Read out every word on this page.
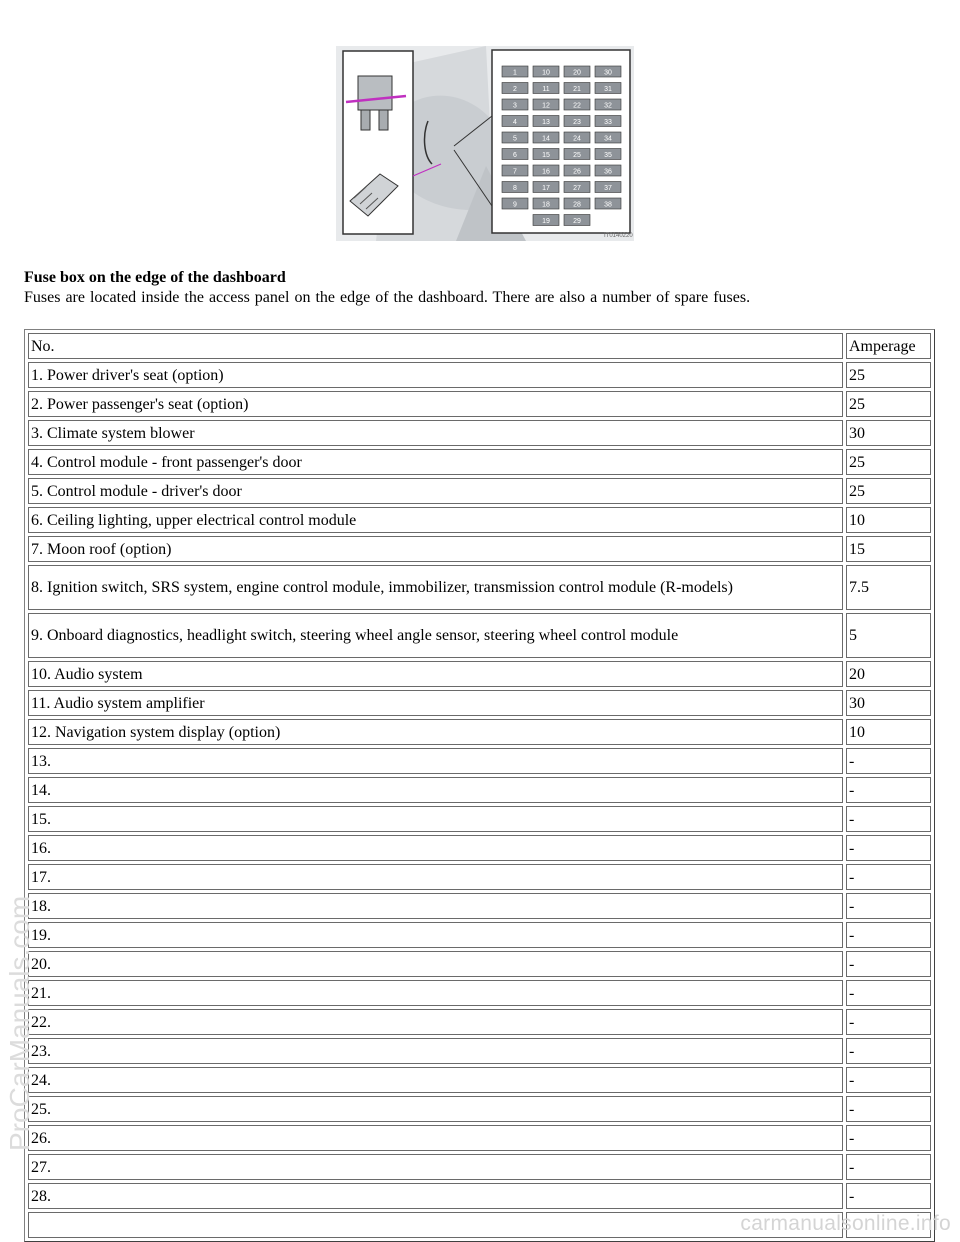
1
2
3
4
5
6
7
8
9
10
11
12
13
14
15
16
17
18
19
20
21
22
23
24
25
26
27
28
29
30
31
32
33
34
35
36
37
38
IT0140220

Fuse box on the edge of the dashboard

Fuses are located inside the access panel on the edge of the dashboard. There are also a number of spare fuses.

No.	Amperage
1. Power driver's seat (option)	25
2. Power passenger's seat (option)	25
3. Climate system blower	30
4. Control module - front passenger's door	25
5. Control module - driver's door	25
6. Ceiling lighting, upper electrical control module	10
7. Moon roof (option)	15
8. Ignition switch, SRS system, engine control module, immobilizer, transmission control module (R-models)	7.5
9. Onboard diagnostics, headlight switch, steering wheel angle sensor, steering wheel control module	5
10. Audio system	20
11. Audio system amplifier	30
12. Navigation system display (option)	10
13.	-
14.	-
15.	-
16.	-
17.	-
18.	-
19.	-
20.	-
21.	-
22.	-
23.	-
24.	-
25.	-
26.	-
27.	-
28.	-

ProCarManuals.com
carmanualsonline.info
